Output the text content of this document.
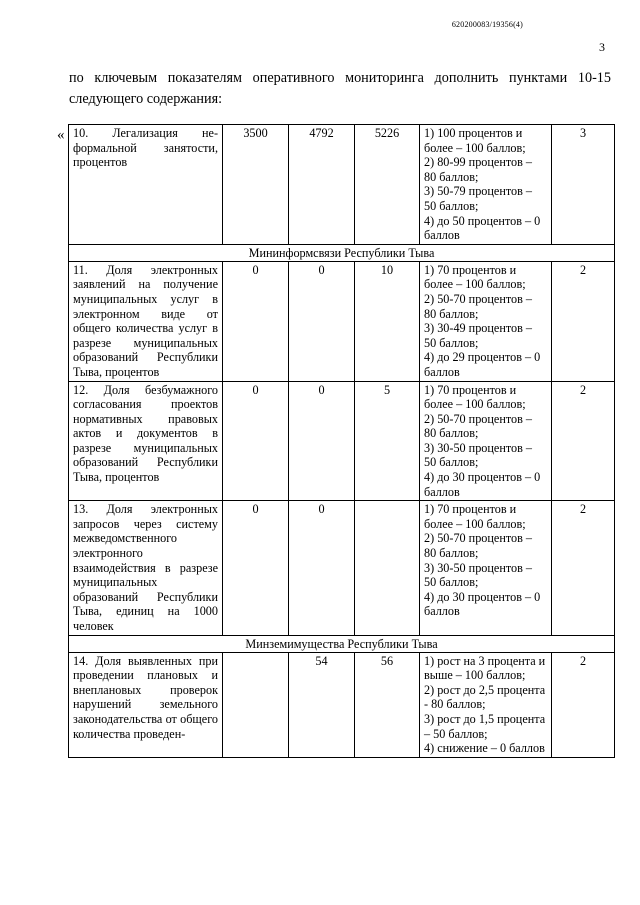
620200083/19356(4)
3
по ключевым показателям оперативного мониторинга дополнить пунктами 10-15 следующего содержания:
« 10. Легализация не-формальной занятости, процентов	3500	4792	5226	1) 100 процентов и более – 100 баллов;
2) 80-99 процентов – 80 баллов;
3) 50-79 процентов – 50 баллов;
4) до 50 процентов – 0 баллов	3
Мининформсвязи Республики Тыва					
11. Доля электронных заявлений на получение муниципальных услуг в электронном виде от общего количества услуг в разрезе муниципальных образований Республики Тыва, процентов	0	0	10	1) 70 процентов и более – 100 баллов;
2) 50-70 процентов – 80 баллов;
3) 30-49 процентов – 50 баллов;
4) до 29 процентов – 0 баллов	2
12. Доля безбумажного согласования проектов нормативных правовых актов и документов в разрезе муниципальных образований Республики Тыва, процентов	0	0	5	1) 70 процентов и более – 100 баллов;
2) 50-70 процентов – 80 баллов;
3) 30-50 процентов – 50 баллов;
4) до 30 процентов – 0 баллов	2
13. Доля электронных запросов через систему межведомственного электронного взаимодействия в разрезе муниципальных образований Республики Тыва, единиц на 1000 человек	0	0		1) 70 процентов и более – 100 баллов;
2) 50-70 процентов – 80 баллов;
3) 30-50 процентов – 50 баллов;
4) до 30 процентов – 0 баллов	2
Минземимущества Республики Тыва					
14. Доля выявленных при проведении плановых и внеплановых проверок нарушений земельного законодательства от общего количества проведен-		54	56	1) рост на 3 процента и выше – 100 баллов;
2) рост до 2,5 процента - 80 баллов;
3) рост до 1,5 процента – 50 баллов;
4) снижение – 0 баллов	2
